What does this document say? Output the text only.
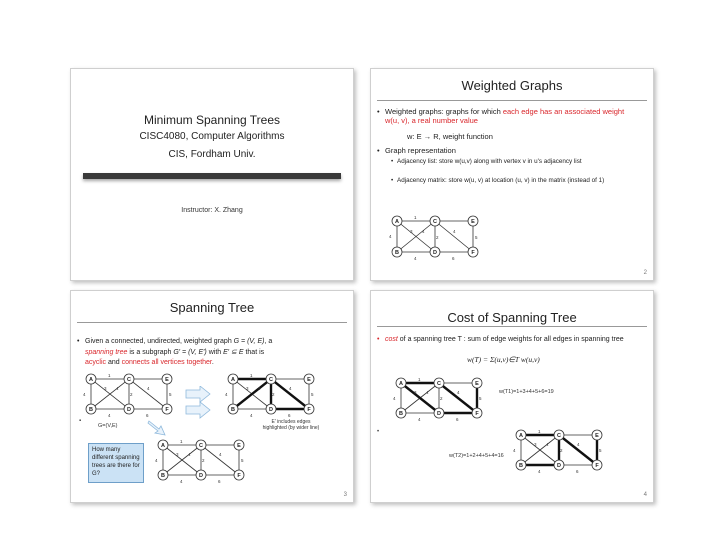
Minimum Spanning Trees
CISC4080, Computer Algorithms
CIS, Fordham Univ.
Instructor: X. Zhang
Weighted Graphs
• Weighted graphs: graphs for which each edge has an associated weight w(u, v), a real number value
w: E → R, weight function
• Graph representation
• Adjacency list: store w(u,v) along with vertex v in u's adjacency list
• Adjacency matrix: store w(u, v) at location (u, v) in the matrix (instead of 1)
1
4
3 4
2
4
5
4	6
A	C	E
B	D	F
2
Spanning Tree
• Given a connected, undirected, weighted graph G = (V, E), a
spanning tree is a subgraph G′ = (V, E′) with E′ ⊆ E that is
acyclic and connects all vertices together.
1
4
3 4
2
4
5
4	6
A	C	E
B	D	F
1
4
3 4
2
4
5
4	6
A	C	E
B	D	F
▪
G=(V,E)
E' includes edges
highlighted (by wider line)
How many
different spanning
trees are there for
G?
1
4
3 4
2
4
5
4	6
A	C	E
B	D	F
3
Cost of Spanning Tree
• cost of a spanning tree T : sum of edge weights for all edges in spanning tree
w(T) = Σ(u,v)∈T w(u,v)
1
4
3 4
2
4
5
4	6
A	C	E
B	D	F
w(T1)=1+3+4+5+6=19
•	1
4
3 4
2
4
5
4	6
A	C	E
B	D	F
w(T2)=1+2+4+5+4=16
4
